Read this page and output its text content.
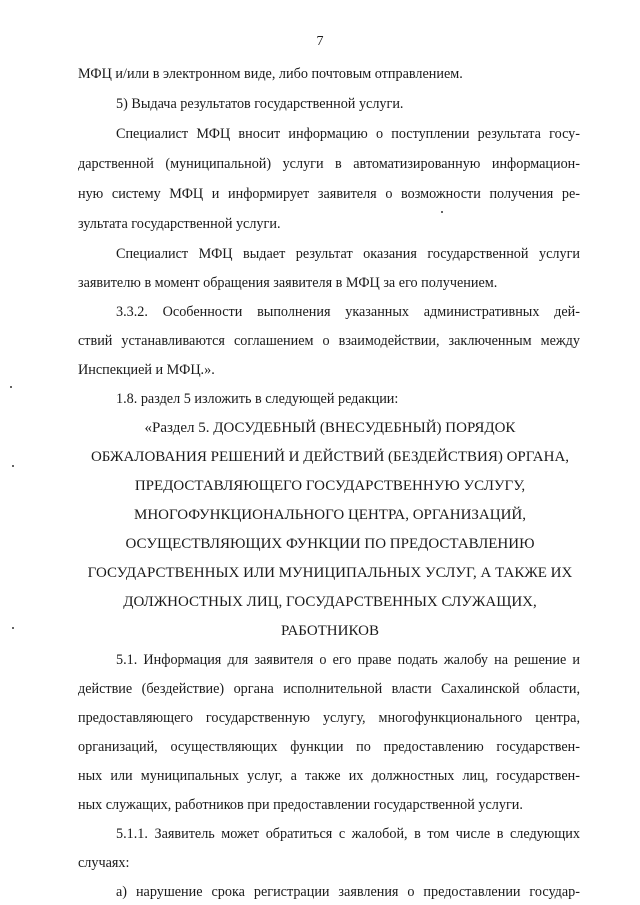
7
МФЦ и/или в электронном виде, либо почтовым отправлением.
5) Выдача результатов государственной услуги.
Специалист МФЦ вносит информацию о поступлении результата госу-
дарственной (муниципальной) услуги в автоматизированную информацион-
ную систему МФЦ и информирует заявителя о возможности получения ре-
зультата государственной услуги.
Специалист МФЦ выдает результат оказания государственной услуги
заявителю в момент обращения заявителя в МФЦ за его получением.
3.3.2. Особенности выполнения указанных административных дей-
ствий устанавливаются соглашением о взаимодействии, заключенным между
Инспекцией и МФЦ.».
1.8. раздел 5 изложить в следующей редакции:
«Раздел 5. ДОСУДЕБНЫЙ (ВНЕСУДЕБНЫЙ) ПОРЯДОК
ОБЖАЛОВАНИЯ РЕШЕНИЙ И ДЕЙСТВИЙ (БЕЗДЕЙСТВИЯ) ОРГАНА,
ПРЕДОСТАВЛЯЮЩЕГО ГОСУДАРСТВЕННУЮ УСЛУГУ,
МНОГОФУНКЦИОНАЛЬНОГО ЦЕНТРА, ОРГАНИЗАЦИЙ,
ОСУЩЕСТВЛЯЮЩИХ ФУНКЦИИ ПО ПРЕДОСТАВЛЕНИЮ
ГОСУДАРСТВЕННЫХ ИЛИ МУНИЦИПАЛЬНЫХ УСЛУГ, А ТАКЖЕ ИХ
ДОЛЖНОСТНЫХ ЛИЦ, ГОСУДАРСТВЕННЫХ СЛУЖАЩИХ,
РАБОТНИКОВ
5.1. Информация для заявителя о его праве подать жалобу на решение и
действие (бездействие) органа исполнительной власти Сахалинской области,
предоставляющего государственную услугу, многофункционального центра,
организаций, осуществляющих функции по предоставлению государствен-
ных или муниципальных услуг, а также их должностных лиц, государствен-
ных служащих, работников при предоставлении государственной услуги.
5.1.1. Заявитель может обратиться с жалобой, в том числе в следующих
случаях:
а) нарушение срока регистрации заявления о предоставлении государ-
